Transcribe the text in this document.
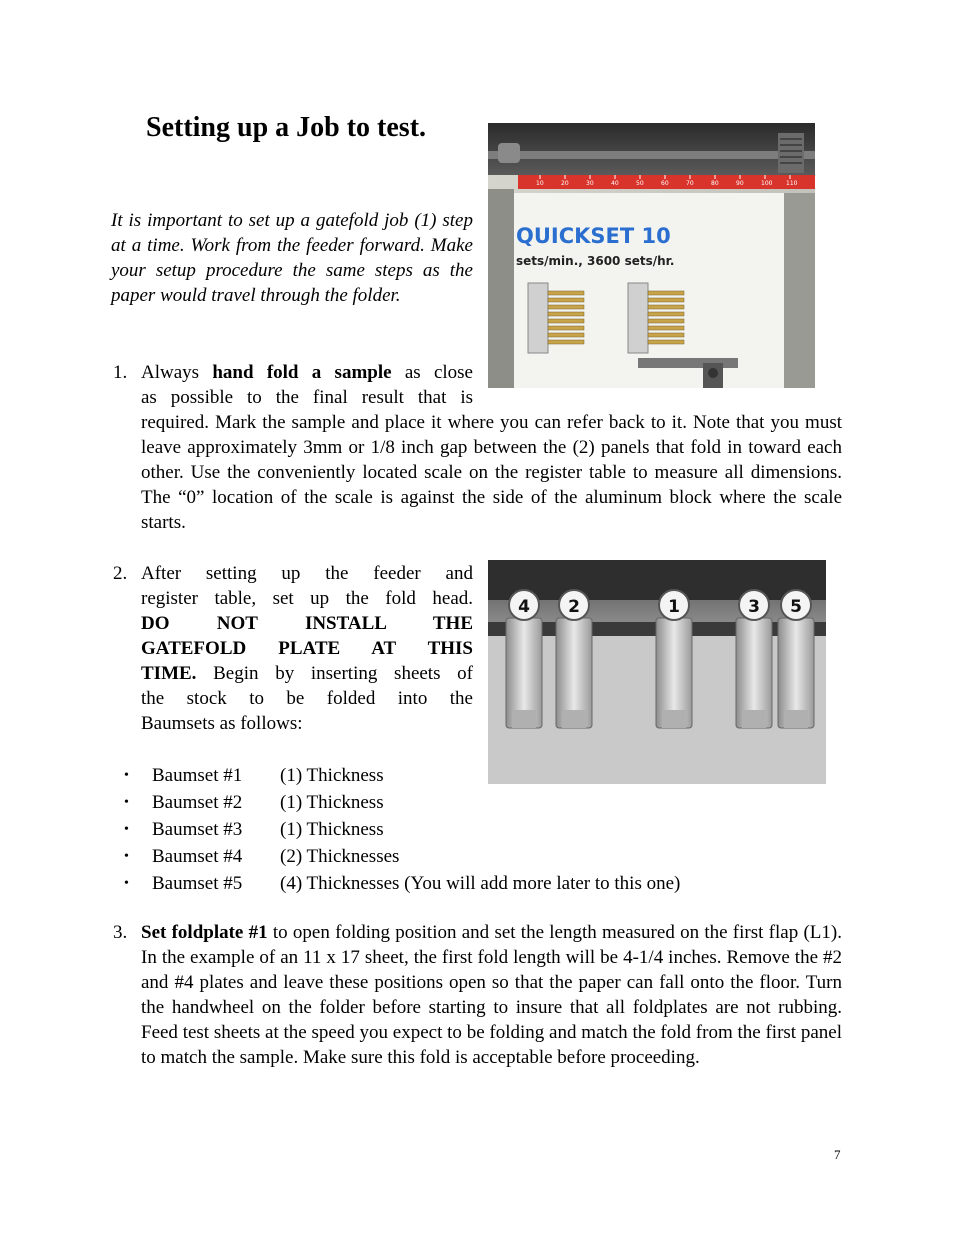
Setting up a Job to test.
10	20	30	40	50	60	70	80	90	100 110
QUICKSET 10
sets/min., 3600 sets/hr.
It is important to set up a gatefold job (1) step at a time. Work from the feeder forward. Make your setup procedure the same steps as the paper would travel through the folder.
1. Always hand fold a sample as close
as possible to the final result that is
required. Mark the sample and place it where you can refer back to it. Note that you must leave approximately 3mm or 1/8 inch gap between the (2) panels that fold in toward each other. Use the conveniently located scale on the register table to measure all dimensions. The “0” location of the scale is against the side of the aluminum block where the scale starts.
4 2	1	3 5
2. After setting up the feeder and
register table, set up the fold head.
DO NOT INSTALL THE
GATEFOLD PLATE AT THIS
TIME. Begin by inserting sheets of
the stock to be folded into the
Baumsets as follows:
•	Baumset #1	(1) Thickness
•	Baumset #2	(1) Thickness
•	Baumset #3	(1) Thickness
•	Baumset #4	(2) Thicknesses
•	Baumset #5	(4) Thicknesses (You will add more later to this one)
3. Set foldplate #1 to open folding position and set the length measured on the first flap (L1). In the example of an 11 x 17 sheet, the first fold length will be 4-1/4 inches. Remove the #2 and #4 plates and leave these positions open so that the paper can fall onto the floor. Turn the handwheel on the folder before starting to insure that all foldplates are not rubbing. Feed test sheets at the speed you expect to be folding and match the fold from the first panel to match the sample. Make sure this fold is acceptable before proceeding.
7
